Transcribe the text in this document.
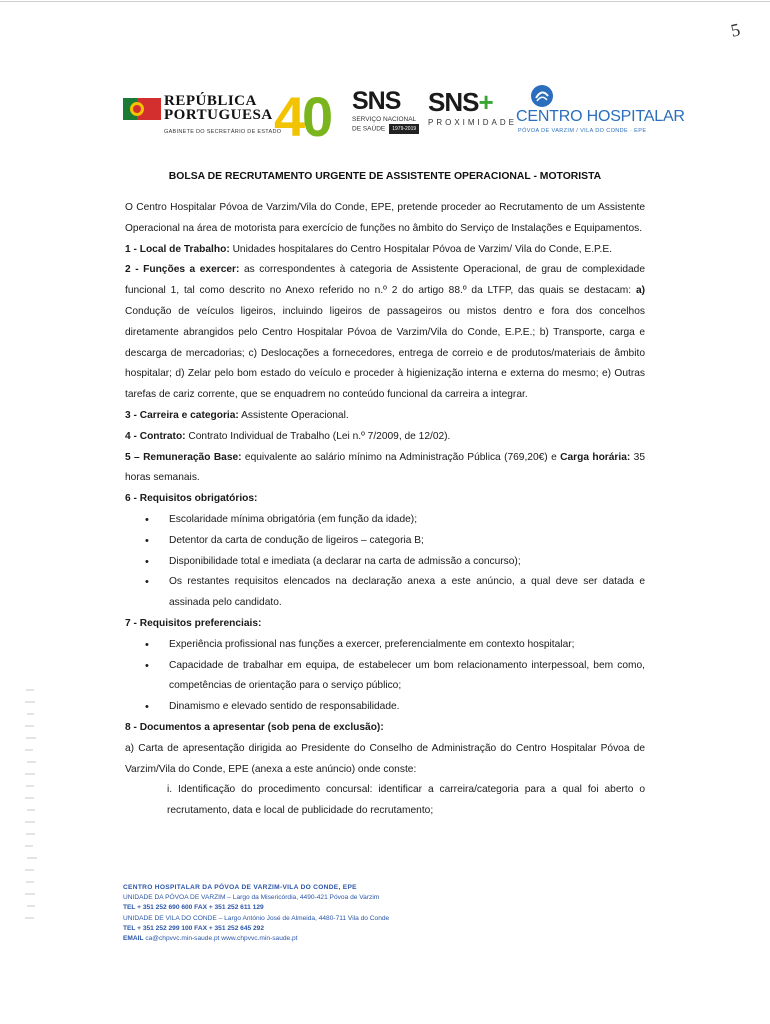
5
REPÚBLICA
PORTUGUESA
GABINETE DO SECRETÁRIO DE ESTADO
4 0 SNS
SERVIÇO NACIONAL
DE SAÚDE 1979-2019
SNS+
PROXIMIDADE
CENTRO HOSPITALAR
PÓVOA DE VARZIM / VILA DO CONDE · EPE
BOLSA DE RECRUTAMENTO URGENTE DE ASSISTENTE OPERACIONAL - MOTORISTA

O Centro Hospitalar Póvoa de Varzim/Vila do Conde, EPE, pretende proceder ao Recrutamento de um Assistente Operacional na área de motorista para exercício de funções no âmbito do Serviço de Instalações e Equipamentos.

1 - Local de Trabalho: Unidades hospitalares do Centro Hospitalar Póvoa de Varzim/ Vila do Conde, E.P.E.

2 - Funções a exercer: as correspondentes à categoria de Assistente Operacional, de grau de complexidade funcional 1, tal como descrito no Anexo referido no n.º 2 do artigo 88.º da LTFP, das quais se destacam: a) Condução de veículos ligeiros, incluindo ligeiros de passageiros ou mistos dentro e fora dos concelhos diretamente abrangidos pelo Centro Hospitalar Póvoa de Varzim/Vila do Conde, E.P.E.; b) Transporte, carga e descarga de mercadorias; c) Deslocações a fornecedores, entrega de correio e de produtos/materiais de âmbito hospitalar; d) Zelar pelo bom estado do veículo e proceder à higienização interna e externa do mesmo; e) Outras tarefas de cariz corrente, que se enquadrem no conteúdo funcional da carreira a integrar.

3 - Carreira e categoria: Assistente Operacional.

4 - Contrato: Contrato Individual de Trabalho (Lei n.º 7/2009, de 12/02).

5 – Remuneração Base: equivalente ao salário mínimo na Administração Pública (769,20€) e Carga horária: 35 horas semanais.

6 - Requisitos obrigatórios:

• Escolaridade mínima obrigatória (em função da idade);
• Detentor da carta de condução de ligeiros – categoria B;
• Disponibilidade total e imediata (a declarar na carta de admissão a concurso);
• Os restantes requisitos elencados na declaração anexa a este anúncio, a qual deve ser datada e assinada pelo candidato.

7 - Requisitos preferenciais:

• Experiência profissional nas funções a exercer, preferencialmente em contexto hospitalar;
• Capacidade de trabalhar em equipa, de estabelecer um bom relacionamento interpessoal, bem como, competências de orientação para o serviço público;
• Dinamismo e elevado sentido de responsabilidade.

8 - Documentos a apresentar (sob pena de exclusão):

a) Carta de apresentação dirigida ao Presidente do Conselho de Administração do Centro Hospitalar Póvoa de Varzim/Vila do Conde, EPE (anexa a este anúncio) onde conste:

i. Identificação do procedimento concursal: identificar a carreira/categoria para a qual foi aberto o recrutamento, data e local de publicidade do recrutamento;

CENTRO HOSPITALAR DA PÓVOA DE VARZIM-VILA DO CONDE, EPE
UNIDADE DA PÓVOA DE VARZIM – Largo da Misericórdia, 4490-421 Póvoa de Varzim
TEL + 351 252 690 600 FAX + 351 252 611 129
UNIDADE DE VILA DO CONDE – Largo António José de Almeida, 4480-711 Vila do Conde
TEL + 351 252 299 100 FAX + 351 252 645 292
EMAIL ca@chpvvc.min-saude.pt www.chpvvc.min-saude.pt
